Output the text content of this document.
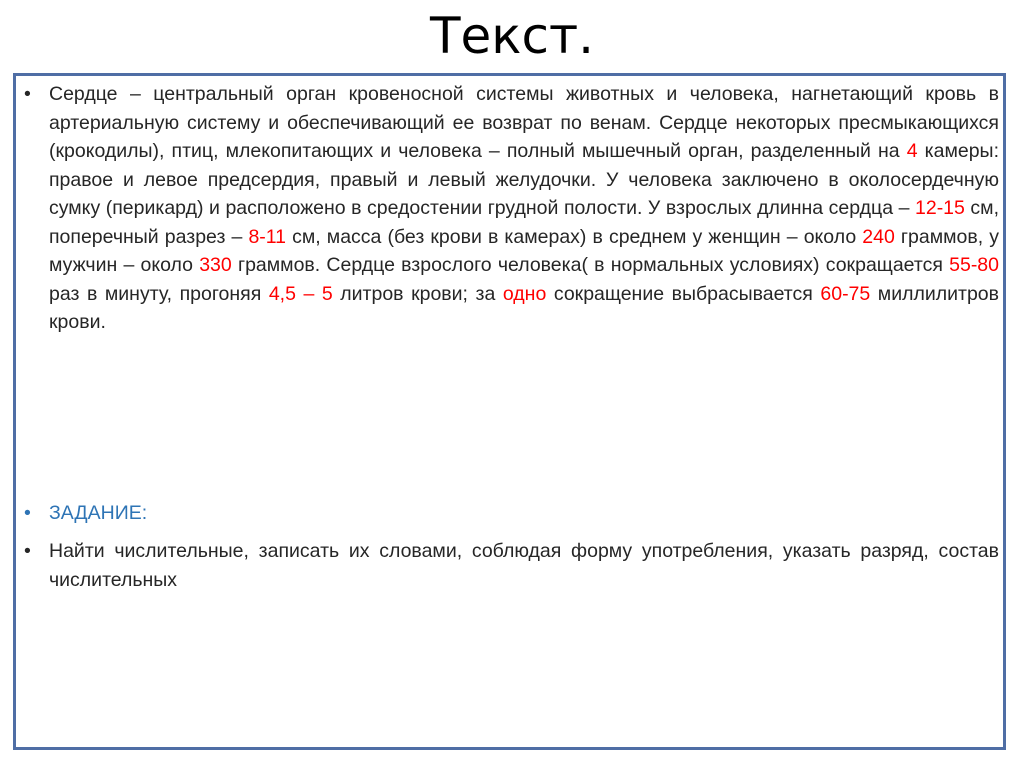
Текст.
• Сердце – центральный орган кровеносной системы животных и человека, нагнетающий кровь в артериальную систему и обеспечивающий ее возврат по венам. Сердце некоторых пресмыкающихся (крокодилы), птиц, млекопитающих и человека – полный мышечный орган, разделенный на 4 камеры: правое и левое предсердия, правый и левый желудочки. У человека заключено в околосердечную сумку (перикард) и расположено в средостении грудной полости. У взрослых длинна сердца – 12-15 см, поперечный разрез – 8-11 см, масса (без крови в камерах) в среднем у женщин – около 240 граммов, у мужчин – около 330 граммов. Сердце взрослого человека( в нормальных условиях) сокращается 55-80 раз в минуту, прогоняя 4,5 – 5 литров крови; за одно сокращение выбрасывается 60-75 миллилитров крови.
• ЗАДАНИЕ:
• Найти числительные, записать их словами, соблюдая форму употребления, указать разряд, состав числительных
